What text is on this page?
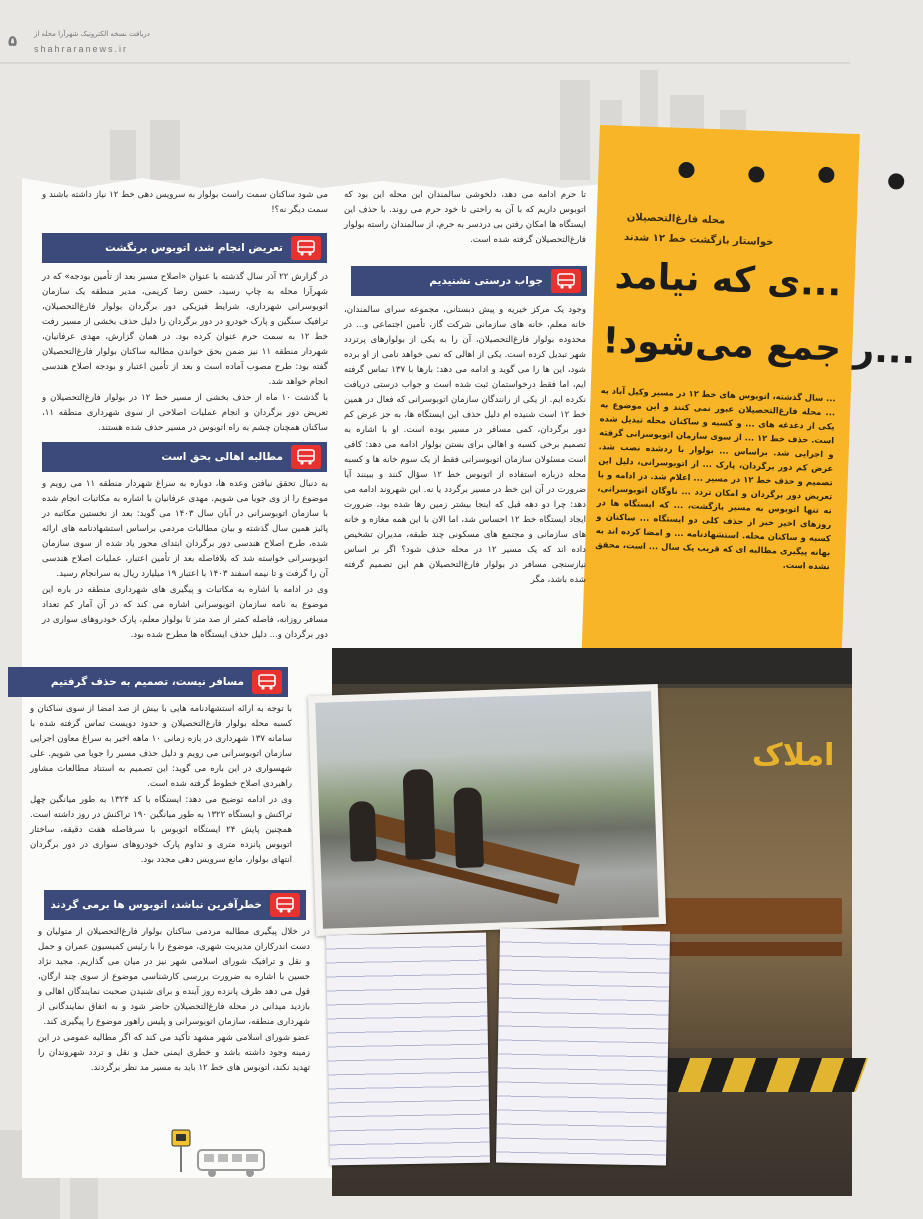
۵ دریافت نسخه الکترونیک شهرآرا محله از
shahraranews.ir
محله فارغ‌التحصیلان
خواستار بازگشت خط ۱۲ شدند
...ی که نیامد
...ر جمع می‌شود!
... سال گذشته، اتوبوس های خط ۱۲ در مسیر وکیل آباد به ... محله فارغ‌التحصیلان عبور نمی کنند و این موضوع به یکی از دغدغه های ... و کسبه و ساکنان محله تبدیل شده است. حذف خط ۱۲ ... از سوی سازمان اتوبوسرانی گرفته و اجرایی شد. براساس ... بولوار با ردشده نصب شد. عرض کم دور برگردان، پارک ... از اتوبوسرانی، دلیل این تصمیم و حذف خط ۱۲ در مسیر ... اعلام شد. در ادامه و با تعریض دور برگردان و امکان تردد ... ناوگان اتوبوسرانی، نه تنها اتوبوس به مسیر بازگشت، ... که ایستگاه ها در روزهای اخیر خبر از حذف کلی دو ایستگاه ... ساکنان و کسبه و ساکنان محله. استشهادنامه ... و امضا کرده اند به بهانه پیگیری مطالبه ای که قریب یک سال ... است، محقق نشده است.

تا حرم ادامه می دهد، دلخوشی سالمندان این محله این بود که اتوبوس داریم که با آن به راحتی تا خود حرم می روند. با حذف این ایستگاه ها امکان رفتن بی دردسر به حرم، از سالمندان راسته بولوار فارغ‌التحصیلان گرفته شده است.

جواب درستی نشنیدیم

وجود یک مرکز خیریه و پیش دبستانی، مجموعه سرای سالمندان، خانه معلم، خانه های سازمانی شرکت گاز، تأمین اجتماعی و... در محدوده بولوار فارغ‌التحصیلان، آن را به یکی از بولوارهای پرتردد شهر تبدیل کرده است. یکی از اهالی که نمی خواهد نامی از او برده شود، این ها را می گوید و ادامه می دهد: بارها با ۱۳۷ تماس گرفته ایم، اما فقط درخواستمان ثبت شده است و جواب درستی دریافت نکرده ایم. از یکی از رانندگان سازمان اتوبوسرانی که فعال در همین خط ۱۲ است شنیده ام دلیل حذف این ایستگاه ها، به جز عرض کم دور برگردان، کمی مسافر در مسیر بوده است. او با اشاره به تصمیم برخی کسبه و اهالی برای بستن بولوار ادامه می دهد: کافی است مسئولان سازمان اتوبوسرانی فقط از یک سوم خانه ها و کسبه محله درباره استفاده از اتوبوس خط ۱۲ سؤال کنند و ببینند آیا ضرورت در آن این خط در مسیر برگردد یا نه. این شهروند ادامه می دهد: چرا دو دهه قبل که اینجا بیشتر زمین رها شده بود، ضرورت ایجاد ایستگاه خط ۱۲ احساس شد، اما الان با این همه مغازه و خانه های سازمانی و مجتمع های مسکونی چند طبقه، مدیران تشخیص داده اند که یک مسیر ۱۲ در محله حذف شود؟ اگر بر اساس نیازسنجی مسافر در بولوار فارغ‌التحصیلان هم این تصمیم گرفته شده باشد، مگر

می شود ساکنان سمت راست بولوار به سرویس دهی خط ۱۲ نیاز داشته باشند و سمت دیگر نه؟!

تعریض انجام شد، اتوبوس برنگشت

در گزارش ۲۲ آذر سال گذشته با عنوان «اصلاح مسیر بعد از تأمین بودجه» که در شهرآرا محله به چاپ رسید، حسن رضا کریمی، مدیر منطقه یک سازمان اتوبوسرانی شهرداری، شرایط فیزیکی دور برگردان بولوار فارغ‌التحصیلان، ترافیک سنگین و پارک خودرو در دور برگردان را دلیل حذف بخشی از مسیر رفت خط ۱۲ به سمت حرم عنوان کرده بود. در همان گزارش، مهدی عرفانیان، شهردار منطقه ۱۱ نیز ضمن بحق خواندن مطالبه ساکنان بولوار فارغ‌التحصیلان گفته بود: طرح مصوب آماده است و بعد از تأمین اعتبار و بودجه اصلاح هندسی انجام خواهد شد.

با گذشت ۱۰ ماه از حذف بخشی از مسیر خط ۱۲ در بولوار فارغ‌التحصیلان و تعریض دور برگردان و انجام عملیات اصلاحی از سوی شهرداری منطقه ۱۱، ساکنان همچنان چشم به راه اتوبوس در مسیر حذف شده هستند.

مطالبه اهالی بحق است

به دنبال تحقق نیافتن وعده ها، دوباره به سراغ شهردار منطقه ۱۱ می رویم و موضوع را از وی جویا می شویم. مهدی عرفانیان با اشاره به مکاتبات انجام شده با سازمان اتوبوسرانی در آبان سال ۱۴۰۳ می گوید: بعد از نخستین مکاتبه در پائیز همین سال گذشته و بیان مطالبات مردمی براساس استشهادنامه های ارائه شده، طرح اصلاح هندسی دور برگردان ابتدای محور یاد شده از سوی سازمان اتوبوسرانی خواسته شد که بلافاصله بعد از تأمین اعتبار، عملیات اصلاح هندسی آن را گرفت و تا نیمه اسفند ۱۴۰۳ با اعتبار ۱۹ میلیارد ریال به سرانجام رسید.

وی در ادامه با اشاره به مکاتبات و پیگیری های شهرداری منطقه در باره این موضوع به نامه سازمان اتوبوسرانی اشاره می کند که در آن آمار کم تعداد مسافر روزانه، فاصله کمتر از صد متر تا بولوار معلم، پارک خودروهای سواری در دور برگردان و... دلیل حذف ایستگاه ها مطرح شده بود.

مسافر نیست، تصمیم به حذف گرفتیم

با توجه به ارائه استشهادنامه هایی با بیش از صد امضا از سوی ساکنان و کسبه محله بولوار فارغ‌التحصیلان و حدود دویست تماس گرفته شده با سامانه ۱۳۷ شهرداری در بازه زمانی ۱۰ ماهه اخیر به سراغ معاون اجرایی سازمان اتوبوسرانی می رویم و دلیل حذف مسیر را جویا می شویم. علی شهسواری در این باره می گوید: این تصمیم به استناد مطالعات مشاور راهبردی اصلاح خطوط گرفته شده است.

وی در ادامه توضیح می دهد: ایستگاه با کد ۱۳۲۴ به طور میانگین چهل تراکنش و ایستگاه ۱۳۲۲ به طور میانگین ۱۹۰ تراکنش در روز داشته است. همچنین پایش ۲۴ ایستگاه اتوبوس با سرفاصله هفت دقیقه، ساختار اتوبوس پانزده متری و تداوم پارک خودروهای سواری در دور برگردان انتهای بولوار، مانع سرویس دهی مجدد بود.

خطرآفرین نباشد، اتوبوس ها برمی گردند

در خلال پیگیری مطالبه مردمی ساکنان بولوار فارغ‌التحصیلان از متولیان و دست اندرکاران مدیریت شهری، موضوع را با رئیس کمیسیون عمران و حمل و نقل و ترافیک شورای اسلامی شهر نیز در میان می گذاریم. مجید نژاد حسین با اشاره به ضرورت بررسی کارشناسی موضوع از سوی چند ارگان، قول می دهد ظرف پانزده روز آینده و برای شنیدن صحبت نمایندگان اهالی و بازدید میدانی در محله فارغ‌التحصیلان حاضر شود و به اتفاق نمایندگانی از شهرداری منطقه، سازمان اتوبوسرانی و پلیس راهور موضوع را پیگیری کند.

عضو شورای اسلامی شهر مشهد تأکید می کند که اگر مطالبه عمومی در این زمینه وجود داشته باشد و خطری ایمنی حمل و نقل و تردد شهروندان را تهدید نکند، اتوبوس های خط ۱۲ باید به مسیر مد نظر برگردند.

املاک
